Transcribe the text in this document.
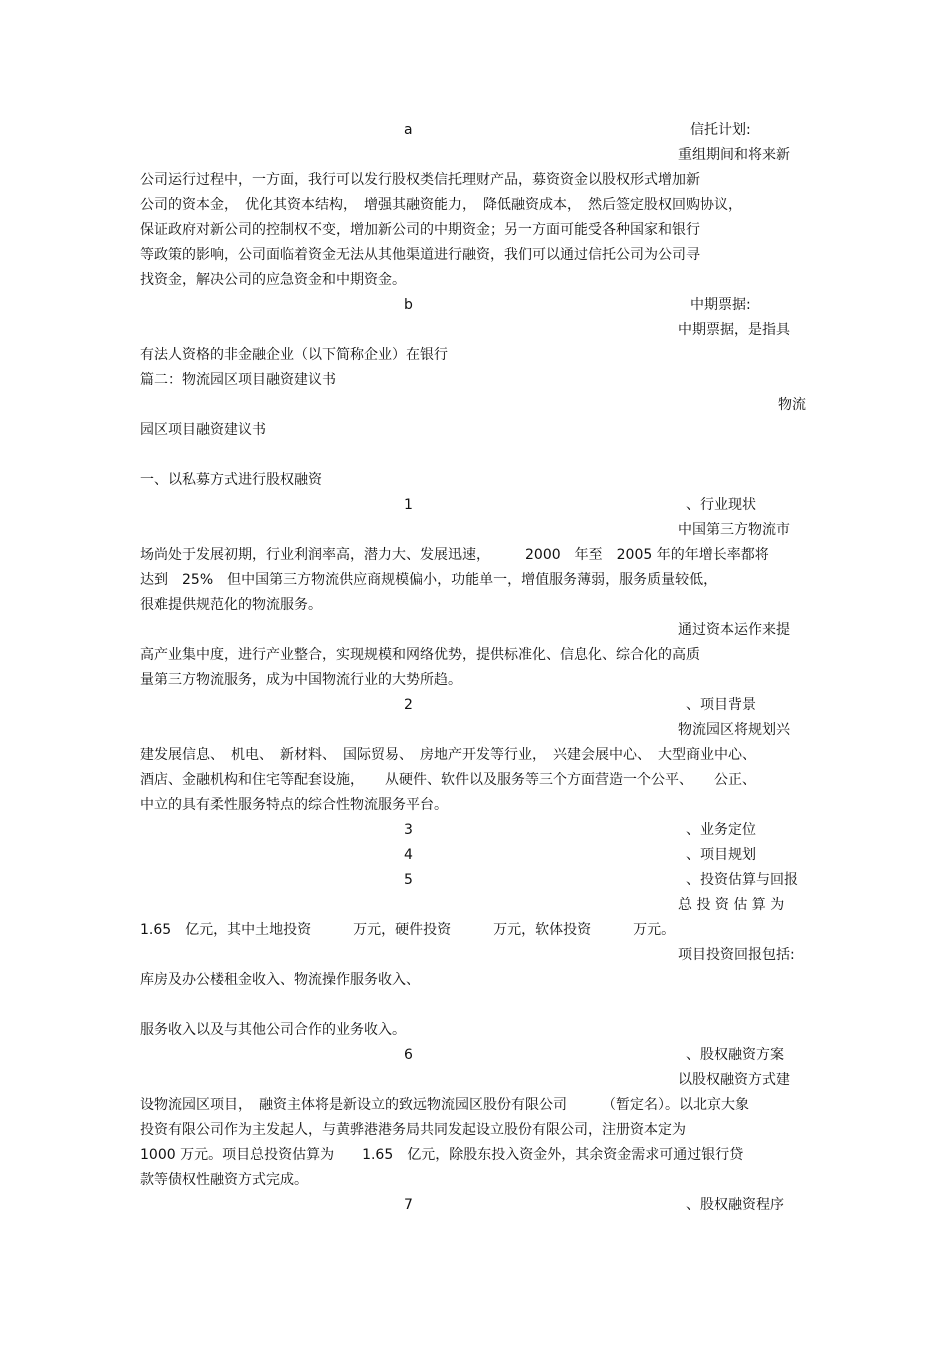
a	信托计划:
重组期间和将来新
公司运行过程中，一方面，我行可以发行股权类信托理财产品，募资资金以股权形式增加新
公司的资本金，　优化其资本结构，　增强其融资能力，　降低融资成本，　然后签定股权回购协议，
保证政府对新公司的控制权不变，增加新公司的中期资金；另一方面可能受各种国家和银行
等政策的影响，公司面临着资金无法从其他渠道进行融资，我们可以通过信托公司为公司寻
找资金，解决公司的应急资金和中期资金。
b	中期票据:
中期票据，是指具
有法人资格的非金融企业（以下简称企业）在银行
篇二：物流园区项目融资建议书
物流
园区项目融资建议书
一、以私募方式进行股权融资
1	、行业现状
中国第三方物流市
场尚处于发展初期，行业利润率高，潜力大、发展迅速，　　　2000　年至　2005 年的年增长率都将
达到　25%　但中国第三方物流供应商规模偏小，功能单一，增值服务薄弱，服务质量较低，
很难提供规范化的物流服务。
通过资本运作来提
高产业集中度，进行产业整合，实现规模和网络优势，提供标准化、信息化、综合化的高质
量第三方物流服务，成为中国物流行业的大势所趋。
2	、项目背景
物流园区将规划兴
建发展信息、　机电、　新材料、　国际贸易、　房地产开发等行业，　兴建会展中心、　大型商业中心、
酒店、金融机构和住宅等配套设施，　　从硬件、软件以及服务等三个方面营造一个公平、　　公正、
中立的具有柔性服务特点的综合性物流服务平台。
3	、业务定位
4	、项目规划
5	、投资估算与回报
总 投 资 估 算 为
1.65　亿元，其中土地投资　　　万元，硬件投资　　　万元，软体投资　　　万元。
项目投资回报包括:
库房及办公楼租金收入、物流操作服务收入、
服务收入以及与其他公司合作的业务收入。
6	、股权融资方案
以股权融资方式建
设物流园区项目，　融资主体将是新设立的致远物流园区股份有限公司　　　（暂定名）。以北京大象
投资有限公司作为主发起人，与黄骅港港务局共同发起设立股份有限公司，注册资本定为
1000 万元。项目总投资估算为　　1.65　亿元，除股东投入资金外，其余资金需求可通过银行贷
款等债权性融资方式完成。
7	、股权融资程序
